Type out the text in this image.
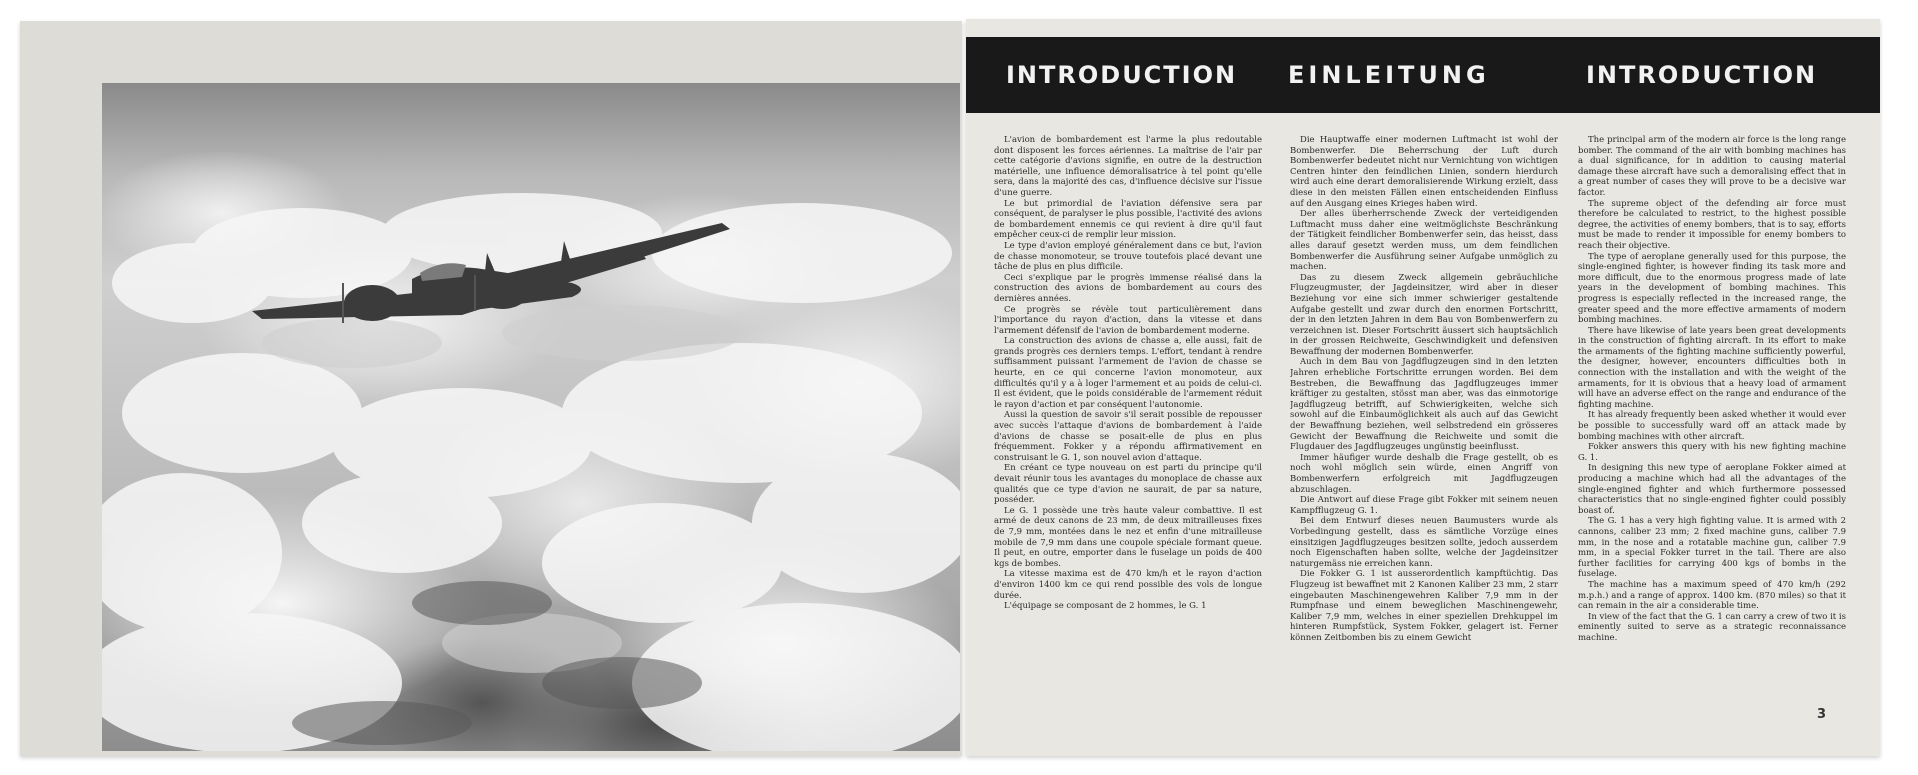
INTRODUCTION EINLEITUNG	INTRODUCTION

L'avion de bombardement est l'arme la plus redoutable dont disposent les forces aériennes. La maîtrise de l'air par cette catégorie d'avions signifie, en outre de la destruction matérielle, une influence démoralisatrice à tel point qu'elle sera, dans la majorité des cas, d'influence décisive sur l'issue d'une guerre.

Le but primordial de l'aviation défensive sera par conséquent, de paralyser le plus possible, l'activité des avions de bombardement ennemis ce qui revient à dire qu'il faut empêcher ceux-ci de remplir leur mission.

Le type d'avion employé généralement dans ce but, l'avion de chasse monomoteur, se trouve toutefois placé devant une tâche de plus en plus difficile.

Ceci s'explique par le progrès immense réalisé dans la construction des avions de bombardement au cours des dernières années.

Ce progrès se révèle tout particulièrement dans l'importance du rayon d'action, dans la vitesse et dans l'armement défensif de l'avion de bombardement moderne.

La construction des avions de chasse a, elle aussi, fait de grands progrès ces derniers temps. L'effort, tendant à rendre suffisamment puissant l'armement de l'avion de chasse se heurte, en ce qui concerne l'avion monomoteur, aux difficultés qu'il y a à loger l'armement et au poids de celui-ci. Il est évident, que le poids considérable de l'armement réduit le rayon d'action et par conséquent l'autonomie.

Aussi la question de savoir s'il serait possible de repousser avec succès l'attaque d'avions de bombardement à l'aide d'avions de chasse se posait-elle de plus en plus fréquemment. Fokker y a répondu affirmativement en construisant le G. 1, son nouvel avion d'attaque.

En créant ce type nouveau on est parti du principe qu'il devait réunir tous les avantages du monoplace de chasse aux qualités que ce type d'avion ne saurait, de par sa nature, posséder.

Le G. 1 possède une très haute valeur combattive. Il est armé de deux canons de 23 mm, de deux mitrailleuses fixes de 7,9 mm, montées dans le nez et enfin d'une mitrailleuse mobile de 7,9 mm dans une coupole spéciale formant queue. Il peut, en outre, emporter dans le fuselage un poids de 400 kgs de bombes.

La vitesse maxima est de 470 km/h et le rayon d'action d'environ 1400 km ce qui rend possible des vols de longue durée.

L'équipage se composant de 2 hommes, le G. 1

Die Hauptwaffe einer modernen Luftmacht ist wohl der Bombenwerfer. Die Beherrschung der Luft durch Bombenwerfer bedeutet nicht nur Vernichtung von wichtigen Centren hinter den feindlichen Linien, sondern hierdurch wird auch eine derart demoralisierende Wirkung erzielt, dass diese in den meisten Fällen einen entscheidenden Einfluss auf den Ausgang eines Krieges haben wird.

Der alles überherrschende Zweck der verteidigenden Luftmacht muss daher eine weitmöglichste Beschränkung der Tätigkeit feindlicher Bombenwerfer sein, das heisst, dass alles darauf gesetzt werden muss, um dem feindlichen Bombenwerfer die Ausführung seiner Aufgabe unmöglich zu machen.

Das zu diesem Zweck allgemein gebräuchliche Flugzeugmuster, der Jagdeinsitzer, wird aber in dieser Beziehung vor eine sich immer schwieriger gestaltende Aufgabe gestellt und zwar durch den enormen Fortschritt, der in den letzten Jahren in dem Bau von Bombenwerfern zu verzeichnen ist. Dieser Fortschritt äussert sich hauptsächlich in der grossen Reichweite, Geschwindigkeit und defensiven Bewaffnung der modernen Bombenwerfer.

Auch in dem Bau von Jagdflugzeugen sind in den letzten Jahren erhebliche Fortschritte errungen worden. Bei dem Bestreben, die Bewaffnung das Jagdflugzeuges immer kräftiger zu gestalten, stösst man aber, was das einmotorige Jagdflugzeug betrifft, auf Schwierigkeiten, welche sich sowohl auf die Einbaumöglichkeit als auch auf das Gewicht der Bewaffnung beziehen, weil selbstredend ein grösseres Gewicht der Bewaffnung die Reichweite und somit die Flugdauer des Jagdflugzeuges ungünstig beeinflusst.

Immer häufiger wurde deshalb die Frage gestellt, ob es noch wohl möglich sein würde, einen Angriff von Bombenwerfern erfolgreich mit Jagdflugzeugen abzuschlagen.

Die Antwort auf diese Frage gibt Fokker mit seinem neuen Kampfflugzeug G. 1.

Bei dem Entwurf dieses neuen Baumusters wurde als Vorbedingung gestellt, dass es sämtliche Vorzüge eines einsitzigen Jagdflugzeuges besitzen sollte, jedoch ausserdem noch Eigenschaften haben sollte, welche der Jagdeinsitzer naturgemäss nie erreichen kann.

Die Fokker G. 1 ist ausserordentlich kampftüchtig. Das Flugzeug ist bewaffnet mit 2 Kanonen Kaliber 23 mm, 2 starr eingebauten Maschinengewehren Kaliber 7,9 mm in der Rumpfnase und einem beweglichen Maschinengewehr, Kaliber 7,9 mm, welches in einer speziellen Drehkuppel im hinteren Rumpfstück, System Fokker, gelagert ist. Ferner können Zeitbomben bis zu einem Gewicht

The principal arm of the modern air force is the long range bomber. The command of the air with bombing machines has a dual significance, for in addition to causing material damage these aircraft have such a demoralising effect that in a great number of cases they will prove to be a decisive war factor.

The supreme object of the defending air force must therefore be calculated to restrict, to the highest possible degree, the activities of enemy bombers, that is to say, efforts must be made to render it impossible for enemy bombers to reach their objective.

The type of aeroplane generally used for this purpose, the single-engined fighter, is however finding its task more and more difficult, due to the enormous progress made of late years in the development of bombing machines. This progress is especially reflected in the increased range, the greater speed and the more effective armaments of modern bombing machines.

There have likewise of late years been great developments in the construction of fighting aircraft. In its effort to make the armaments of the fighting machine sufficiently powerful, the designer, however, encounters difficulties both in connection with the installation and with the weight of the armaments, for it is obvious that a heavy load of armament will have an adverse effect on the range and endurance of the fighting machine.

It has already frequently been asked whether it would ever be possible to successfully ward off an attack made by bombing machines with other aircraft.

Fokker answers this query with his new fighting machine G. 1.

In designing this new type of aeroplane Fokker aimed at producing a machine which had all the advantages of the single-engined fighter and which furthermore possessed characteristics that no single-engined fighter could possibly boast of.

The G. 1 has a very high fighting value. It is armed with 2 cannons, caliber 23 mm; 2 fixed machine guns, caliber 7.9 mm, in the nose and a rotatable machine gun, caliber 7.9 mm, in a special Fokker turret in the tail. There are also further facilities for carrying 400 kgs of bombs in the fuselage.

The machine has a maximum speed of 470 km/h (292 m.p.h.) and a range of approx. 1400 km. (870 miles) so that it can remain in the air a considerable time.

In view of the fact that the G. 1 can carry a crew of two it is eminently suited to serve as a strategic reconnaissance machine.

3
